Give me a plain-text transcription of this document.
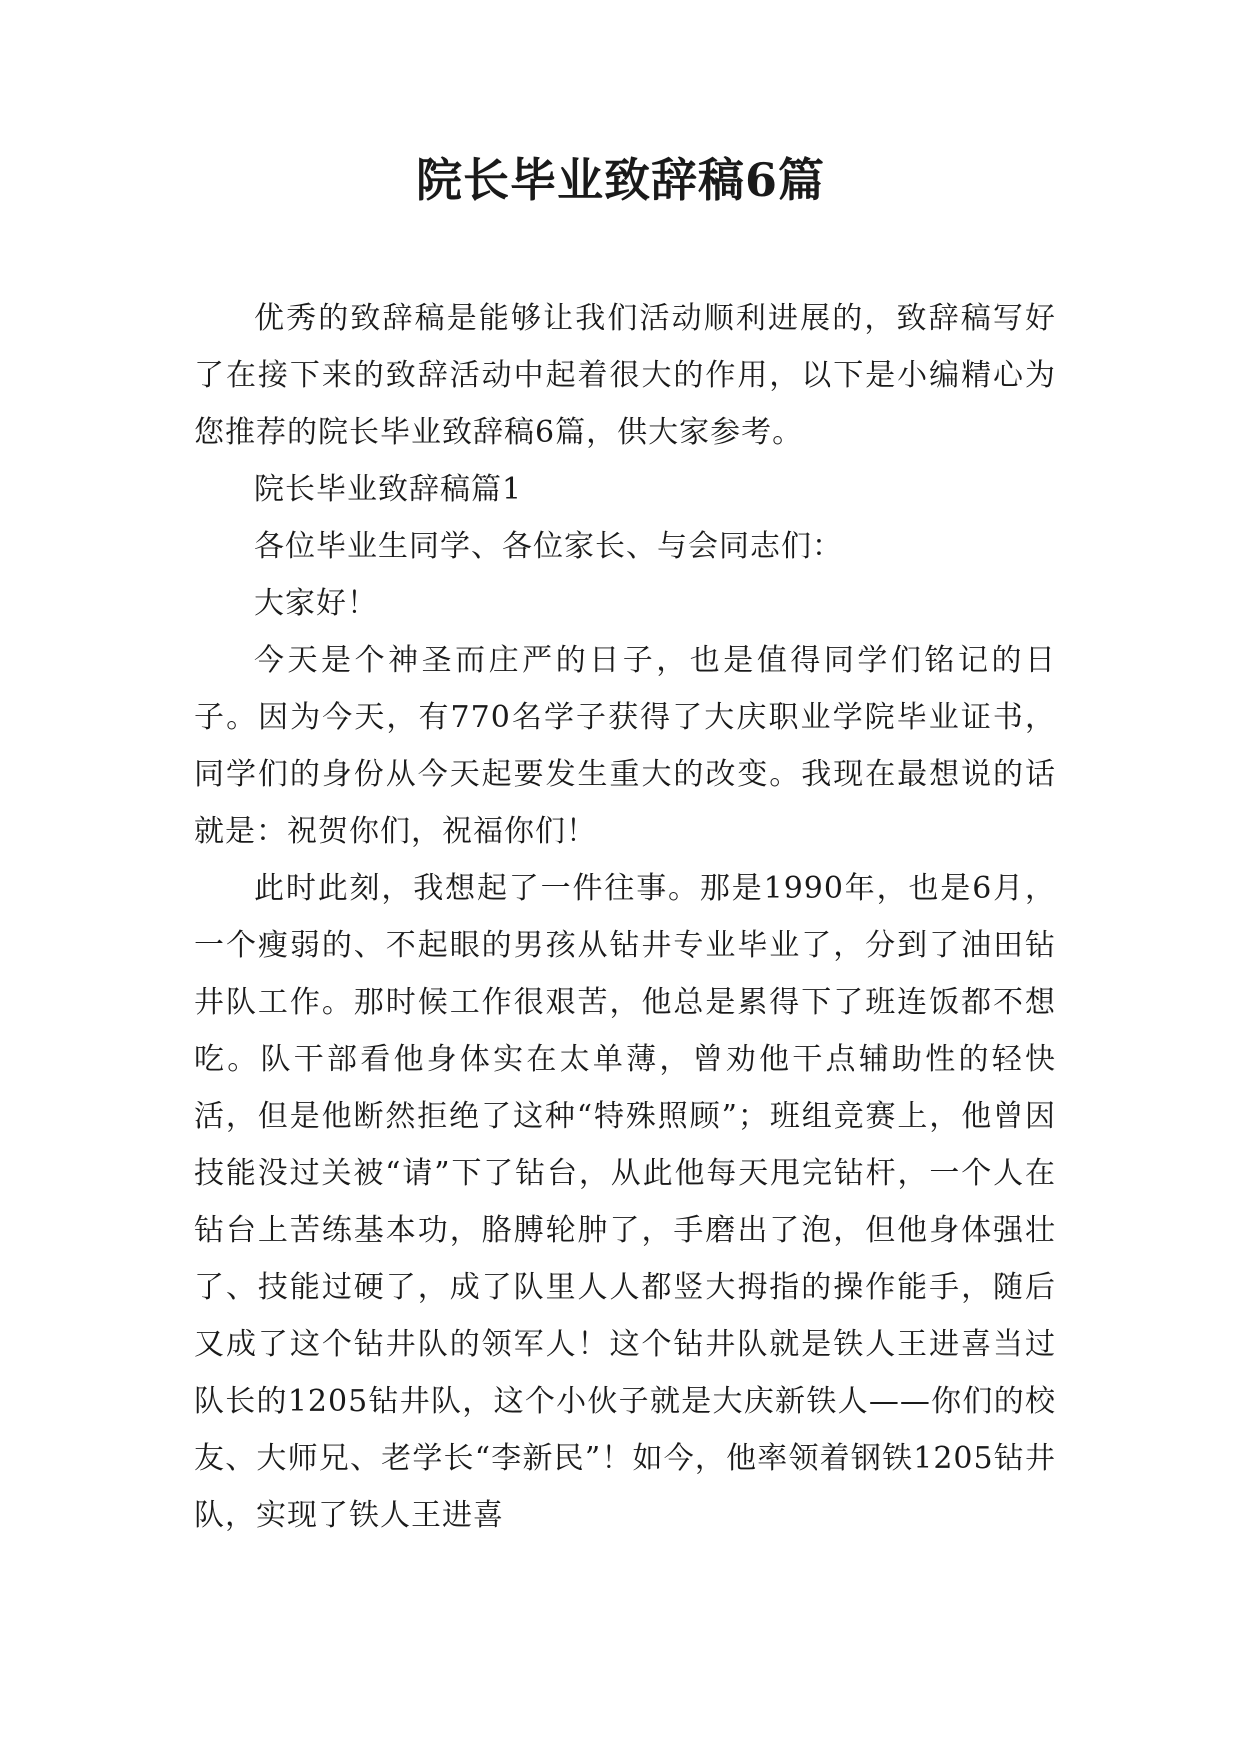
院长毕业致辞稿6篇

优秀的致辞稿是能够让我们活动顺利进展的，致辞稿写好了在接下来的致辞活动中起着很大的作用，以下是小编精心为您推荐的院长毕业致辞稿6篇，供大家参考。

院长毕业致辞稿篇1

各位毕业生同学、各位家长、与会同志们：

大家好！

今天是个神圣而庄严的日子，也是值得同学们铭记的日子。因为今天，有770名学子获得了大庆职业学院毕业证书，同学们的身份从今天起要发生重大的改变。我现在最想说的话就是：祝贺你们，祝福你们！

此时此刻，我想起了一件往事。那是1990年，也是6月，一个瘦弱的、不起眼的男孩从钻井专业毕业了，分到了油田钻井队工作。那时候工作很艰苦，他总是累得下了班连饭都不想吃。队干部看他身体实在太单薄，曾劝他干点辅助性的轻快活，但是他断然拒绝了这种“特殊照顾”；班组竞赛上，他曾因技能没过关被“请”下了钻台，从此他每天甩完钻杆，一个人在钻台上苦练基本功，胳膊轮肿了，手磨出了泡，但他身体强壮了、技能过硬了，成了队里人人都竖大拇指的操作能手，随后又成了这个钻井队的领军人！这个钻井队就是铁人王进喜当过队长的1205钻井队，这个小伙子就是大庆新铁人——你们的校友、大师兄、老学长“李新民”！如今，他率领着钢铁1205钻井队，实现了铁人王进喜
